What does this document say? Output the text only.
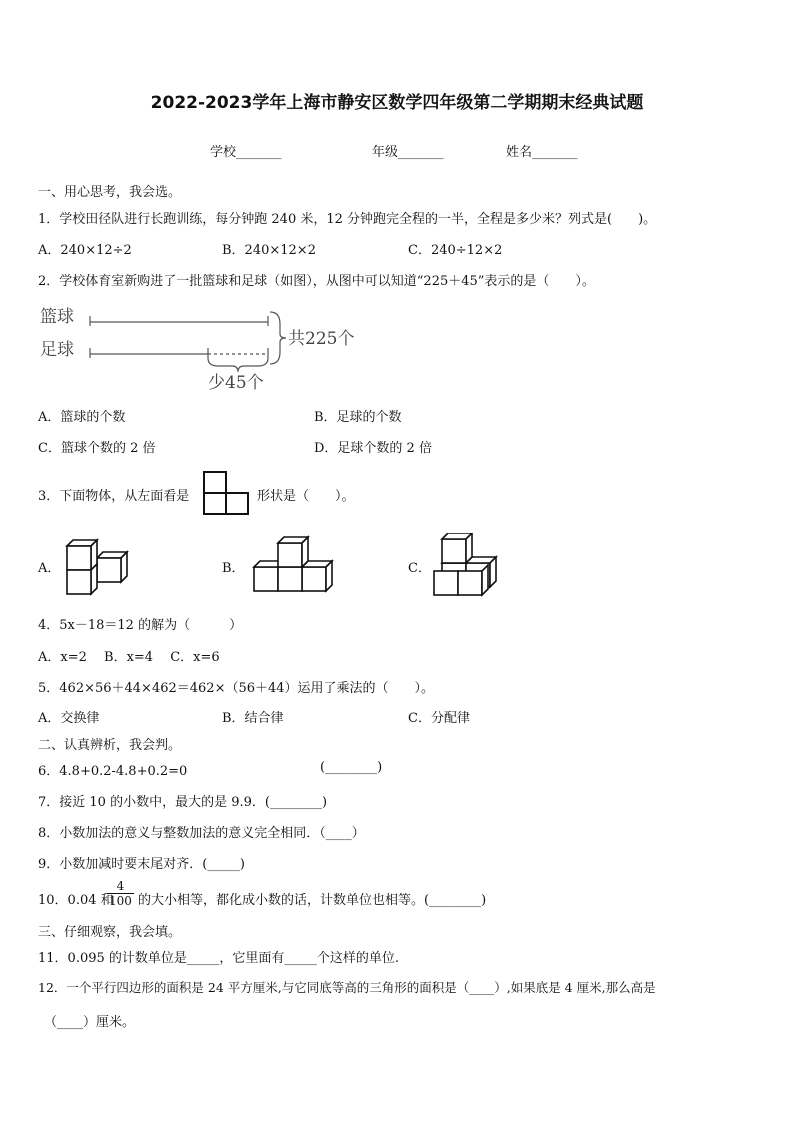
2022-2023学年上海市静安区数学四年级第二学期期末经典试题
学校_______	年级_______	姓名_______
一、用心思考，我会选。
1．学校田径队进行长跑训练，每分钟跑 240 米，12 分钟跑完全程的一半，全程是多少米？列式是(　　)。
A．240×12÷2	B．240×12×2	C．240÷12×2
2．学校体育室新购进了一批篮球和足球（如图），从图中可以知道“225＋45”表示的是（　　）。
篮球
足球
共225个
少45个
A．篮球的个数	B．足球的个数
C．篮球个数的 2 倍	D．足球个数的 2 倍
3．下面物体，从左面看是	形状是（　　）。
A．	B．	C．
4．5x－18＝12 的解为（　　　）
A．x=2　 B．x=4　 C．x=6
5．462×56＋44×462＝462×（56＋44）运用了乘法的（　　）。
A．交换律	B．结合律	C．分配律
二、认真辨析，我会判。
6．4.8+0.2-4.8+0.2=0	(________)
7．接近 10 的小数中，最大的是 9.9．(________)
8．小数加法的意义与整数加法的意义完全相同．（____）
9．小数加减时要末尾对齐．(_____)
10．0.04 和
$\frac{4}{100}$ 的大小相等，都化成小数的话，计数单位也相等。(________)
三、仔细观察，我会填。
11．0.095 的计数单位是_____，它里面有_____个这样的单位.
12．一个平行四边形的面积是 24 平方厘米,与它同底等高的三角形的面积是（____）,如果底是 4 厘米,那么高是
（____）厘米。
